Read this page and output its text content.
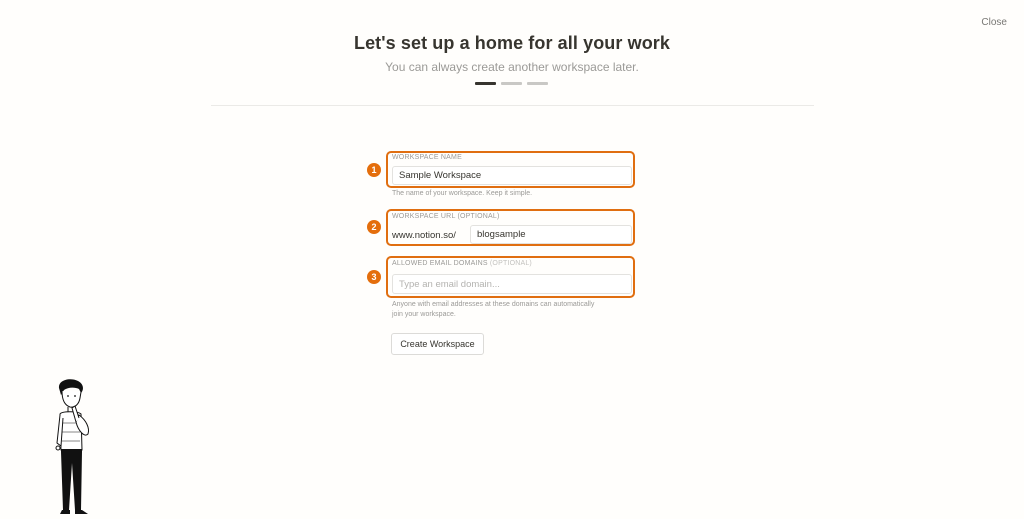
Close
Let's set up a home for all your work
You can always create another workspace later.
1
WORKSPACE NAME
Sample Workspace
The name of your workspace. Keep it simple.
2
WORKSPACE URL (OPTIONAL)
www.notion.so/	blogsample
3
ALLOWED EMAIL DOMAINS (OPTIONAL)
Type an email domain...
Anyone with email addresses at these domains can automatically
join your workspace.
Create Workspace
